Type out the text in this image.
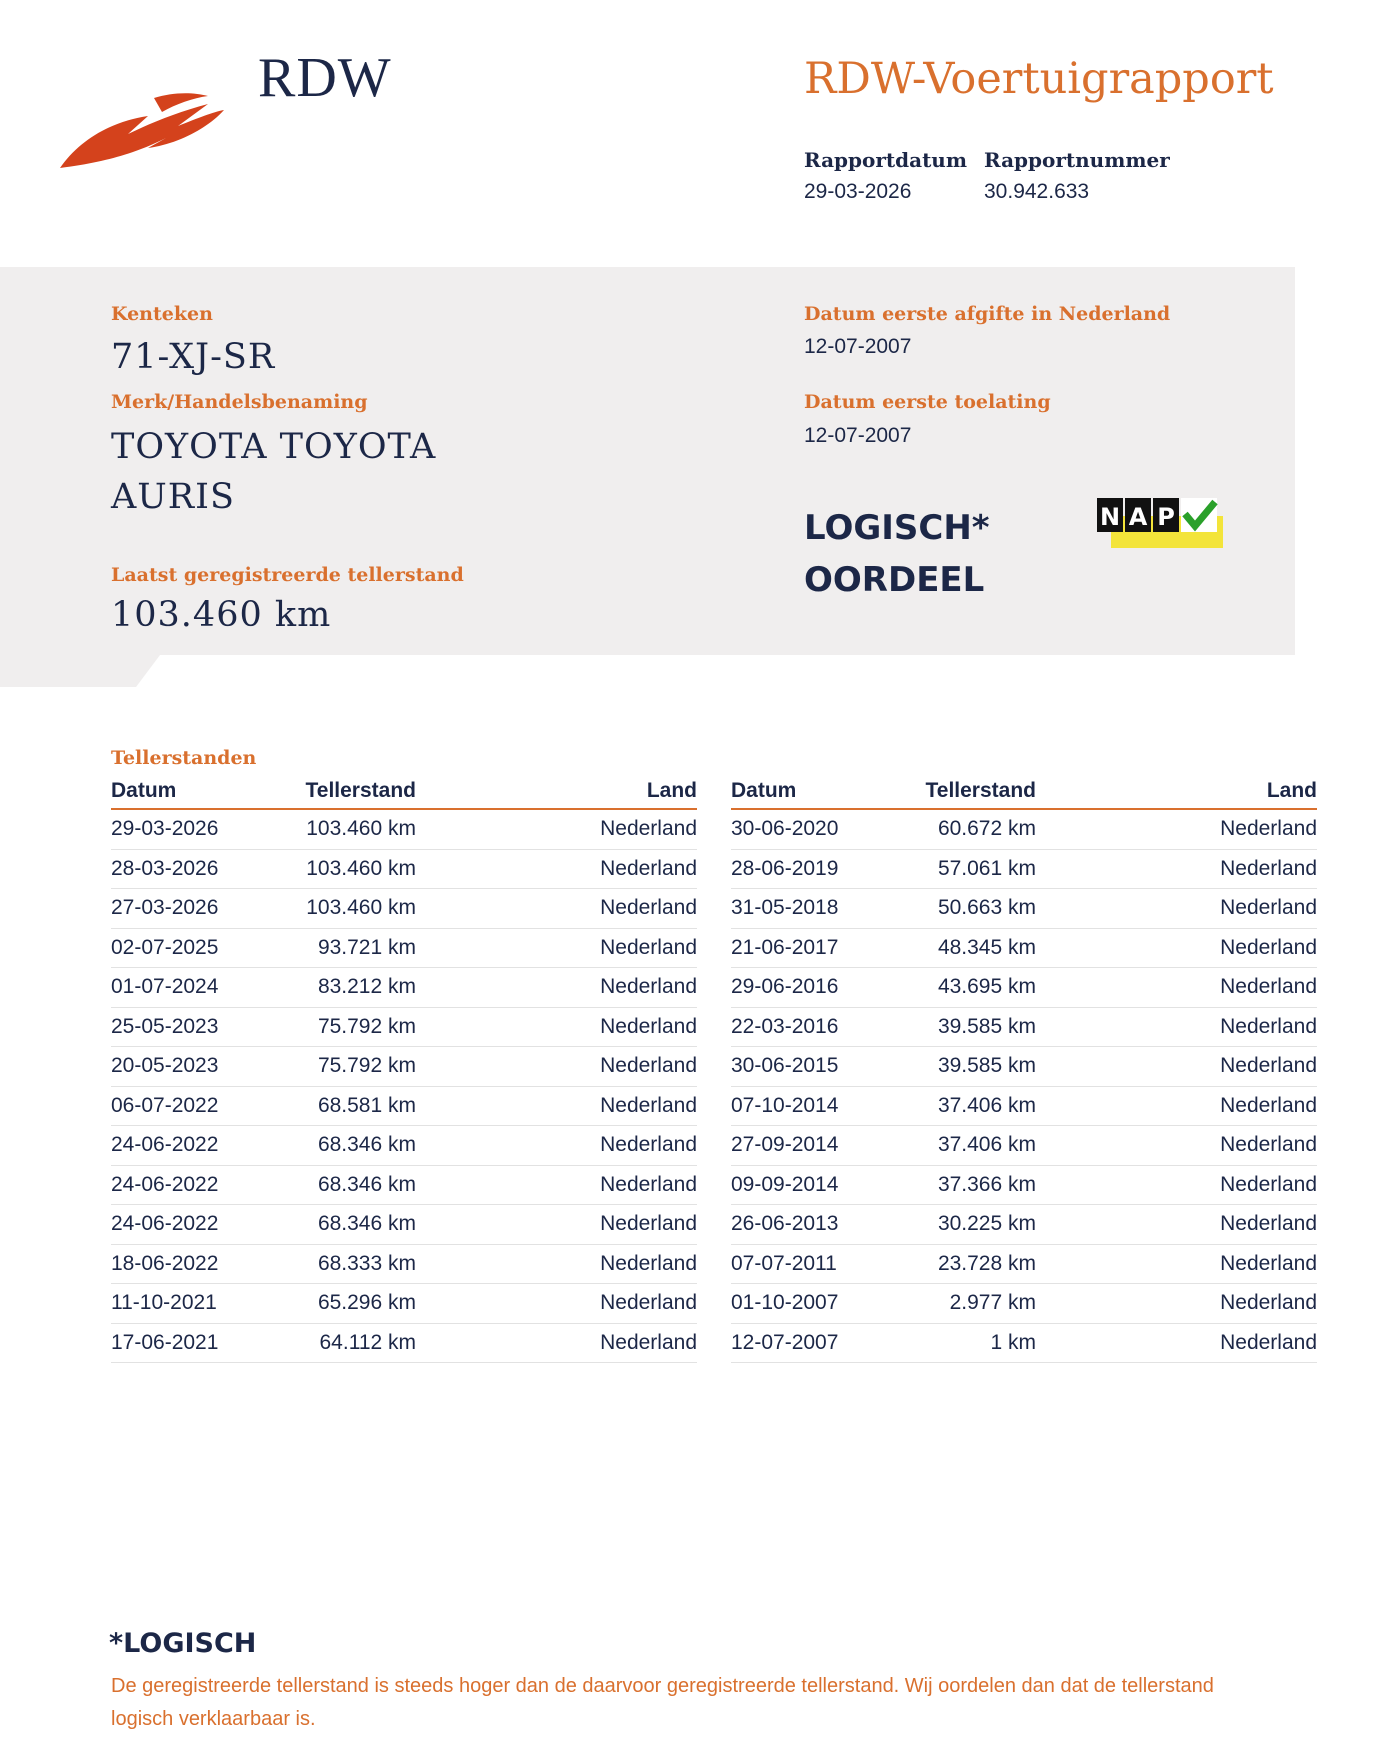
RDW	RDW-Voertuigrapport
Rapportdatum
29-03-2026
Rapportnummer
30.942.633
Kenteken
71-XJ-SR
Merk/Handelsbenaming
TOYOTA TOYOTA
AURIS
Laatst geregistreerde tellerstand
103.460 km
Datum eerste afgifte in Nederland
12-07-2007
Datum eerste toelating
12-07-2007
LOGISCH*
OORDEEL
N A P
Tellerstanden
Datum	Tellerstand	Land
29-03-2026	103.460 km	Nederland
28-03-2026	103.460 km	Nederland
27-03-2026	103.460 km	Nederland
02-07-2025	93.721 km	Nederland
01-07-2024	83.212 km	Nederland
25-05-2023	75.792 km	Nederland
20-05-2023	75.792 km	Nederland
06-07-2022	68.581 km	Nederland
24-06-2022	68.346 km	Nederland
24-06-2022	68.346 km	Nederland
24-06-2022	68.346 km	Nederland
18-06-2022	68.333 km	Nederland
11-10-2021	65.296 km	Nederland
17-06-2021	64.112 km	Nederland
Datum	Tellerstand	Land
30-06-2020	60.672 km	Nederland
28-06-2019	57.061 km	Nederland
31-05-2018	50.663 km	Nederland
21-06-2017	48.345 km	Nederland
29-06-2016	43.695 km	Nederland
22-03-2016	39.585 km	Nederland
30-06-2015	39.585 km	Nederland
07-10-2014	37.406 km	Nederland
27-09-2014	37.406 km	Nederland
09-09-2014	37.366 km	Nederland
26-06-2013	30.225 km	Nederland
07-07-2011	23.728 km	Nederland
01-10-2007	2.977 km	Nederland
12-07-2007	1 km	Nederland
*LOGISCH
De geregistreerde tellerstand is steeds hoger dan de daarvoor geregistreerde tellerstand. Wij oordelen dan dat de tellerstand logisch verklaarbaar is.
